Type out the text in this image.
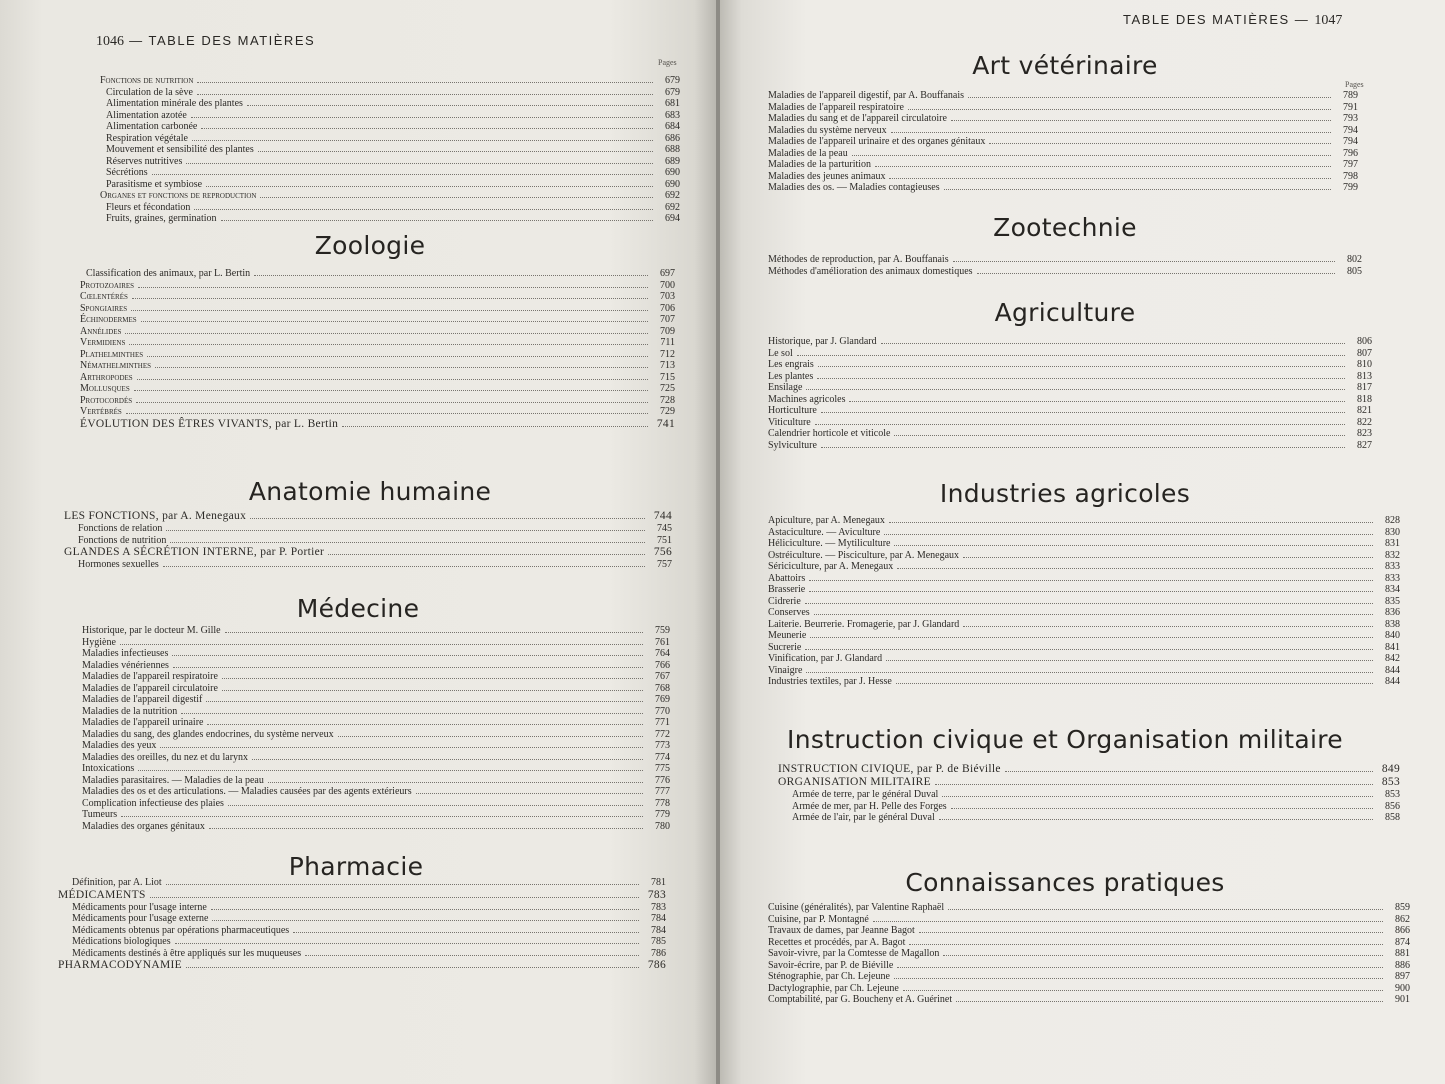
1046 — TABLE DES MATIÈRES
Pages
Fonctions de nutrition	679
Circulation de la sève	679
Alimentation minérale des plantes	681
Alimentation azotée	683
Alimentation carbonée	684
Respiration végétale	686
Mouvement et sensibilité des plantes	688
Réserves nutritives	689
Sécrétions	690
Parasitisme et symbiose	690
Organes et fonctions de reproduction	692
Fleurs et fécondation	692
Fruits, graines, germination	694
Zoologie
Classification des animaux, par L. Bertin	697
Protozoaires	700
Cœlentérés	703
Spongiaires	706
Échinodermes	707
Annélides	709
Vermidiens	711
Plathelminthes	712
Némathelminthes	713
Arthropodes	715
Mollusques	725
Protocordés	728
Vertébrés	729
ÉVOLUTION DES ÊTRES VIVANTS, par L. Bertin	741
Anatomie humaine
LES FONCTIONS, par A. Menegaux	744
Fonctions de relation	745
Fonctions de nutrition	751
GLANDES A SÉCRÉTION INTERNE, par P. Portier	756
Hormones sexuelles	757
Médecine
Historique, par le docteur M. Gille	759
Hygiène	761
Maladies infectieuses	764
Maladies vénériennes	766
Maladies de l'appareil respiratoire	767
Maladies de l'appareil circulatoire	768
Maladies de l'appareil digestif	769
Maladies de la nutrition	770
Maladies de l'appareil urinaire	771
Maladies du sang, des glandes endocrines, du système nerveux	772
Maladies des yeux	773
Maladies des oreilles, du nez et du larynx	774
Intoxications	775
Maladies parasitaires. — Maladies de la peau	776
Maladies des os et des articulations. — Maladies causées par des agents extérieurs	777
Complication infectieuse des plaies	778
Tumeurs	779
Maladies des organes génitaux	780
Pharmacie
Définition, par A. Liot	781
MÉDICAMENTS	783
Médicaments pour l'usage interne	783
Médicaments pour l'usage externe	784
Médicaments obtenus par opérations pharmaceutiques	784
Médications biologiques	785
Médicaments destinés à être appliqués sur les muqueuses	786
PHARMACODYNAMIE	786
TABLE DES MATIÈRES — 1047
Art vétérinaire
Pages
Maladies de l'appareil digestif, par A. Bouffanais	789
Maladies de l'appareil respiratoire	791
Maladies du sang et de l'appareil circulatoire	793
Maladies du système nerveux	794
Maladies de l'appareil urinaire et des organes génitaux	794
Maladies de la peau	796
Maladies de la parturition	797
Maladies des jeunes animaux	798
Maladies des os. — Maladies contagieuses	799
Zootechnie
Méthodes de reproduction, par A. Bouffanais	802
Méthodes d'amélioration des animaux domestiques	805
Agriculture
Historique, par J. Glandard	806
Le sol	807
Les engrais	810
Les plantes	813
Ensilage	817
Machines agricoles	818
Horticulture	821
Viticulture	822
Calendrier horticole et viticole	823
Sylviculture	827
Industries agricoles
Apiculture, par A. Menegaux	828
Astaciculture. — Aviculture	830
Héliciculture. — Mytiliculture	831
Ostréiculture. — Pisciculture, par A. Menegaux	832
Sériciculture, par A. Menegaux	833
Abattoirs	833
Brasserie	834
Cidrerie	835
Conserves	836
Laiterie. Beurrerie. Fromagerie, par J. Glandard	838
Meunerie	840
Sucrerie	841
Vinification, par J. Glandard	842
Vinaigre	844
Industries textiles, par J. Hesse	844
Instruction civique et Organisation militaire
INSTRUCTION CIVIQUE, par P. de Biéville	849
ORGANISATION MILITAIRE	853
Armée de terre, par le général Duval	853
Armée de mer, par H. Pelle des Forges	856
Armée de l'air, par le général Duval	858
Connaissances pratiques
Cuisine (généralités), par Valentine Raphaël	859
Cuisine, par P. Montagné	862
Travaux de dames, par Jeanne Bagot	866
Recettes et procédés, par A. Bagot	874
Savoir-vivre, par la Comtesse de Magallon	881
Savoir-écrire, par P. de Biéville	886
Sténographie, par Ch. Lejeune	897
Dactylographie, par Ch. Lejeune	900
Comptabilité, par G. Boucheny et A. Guérinet	901
